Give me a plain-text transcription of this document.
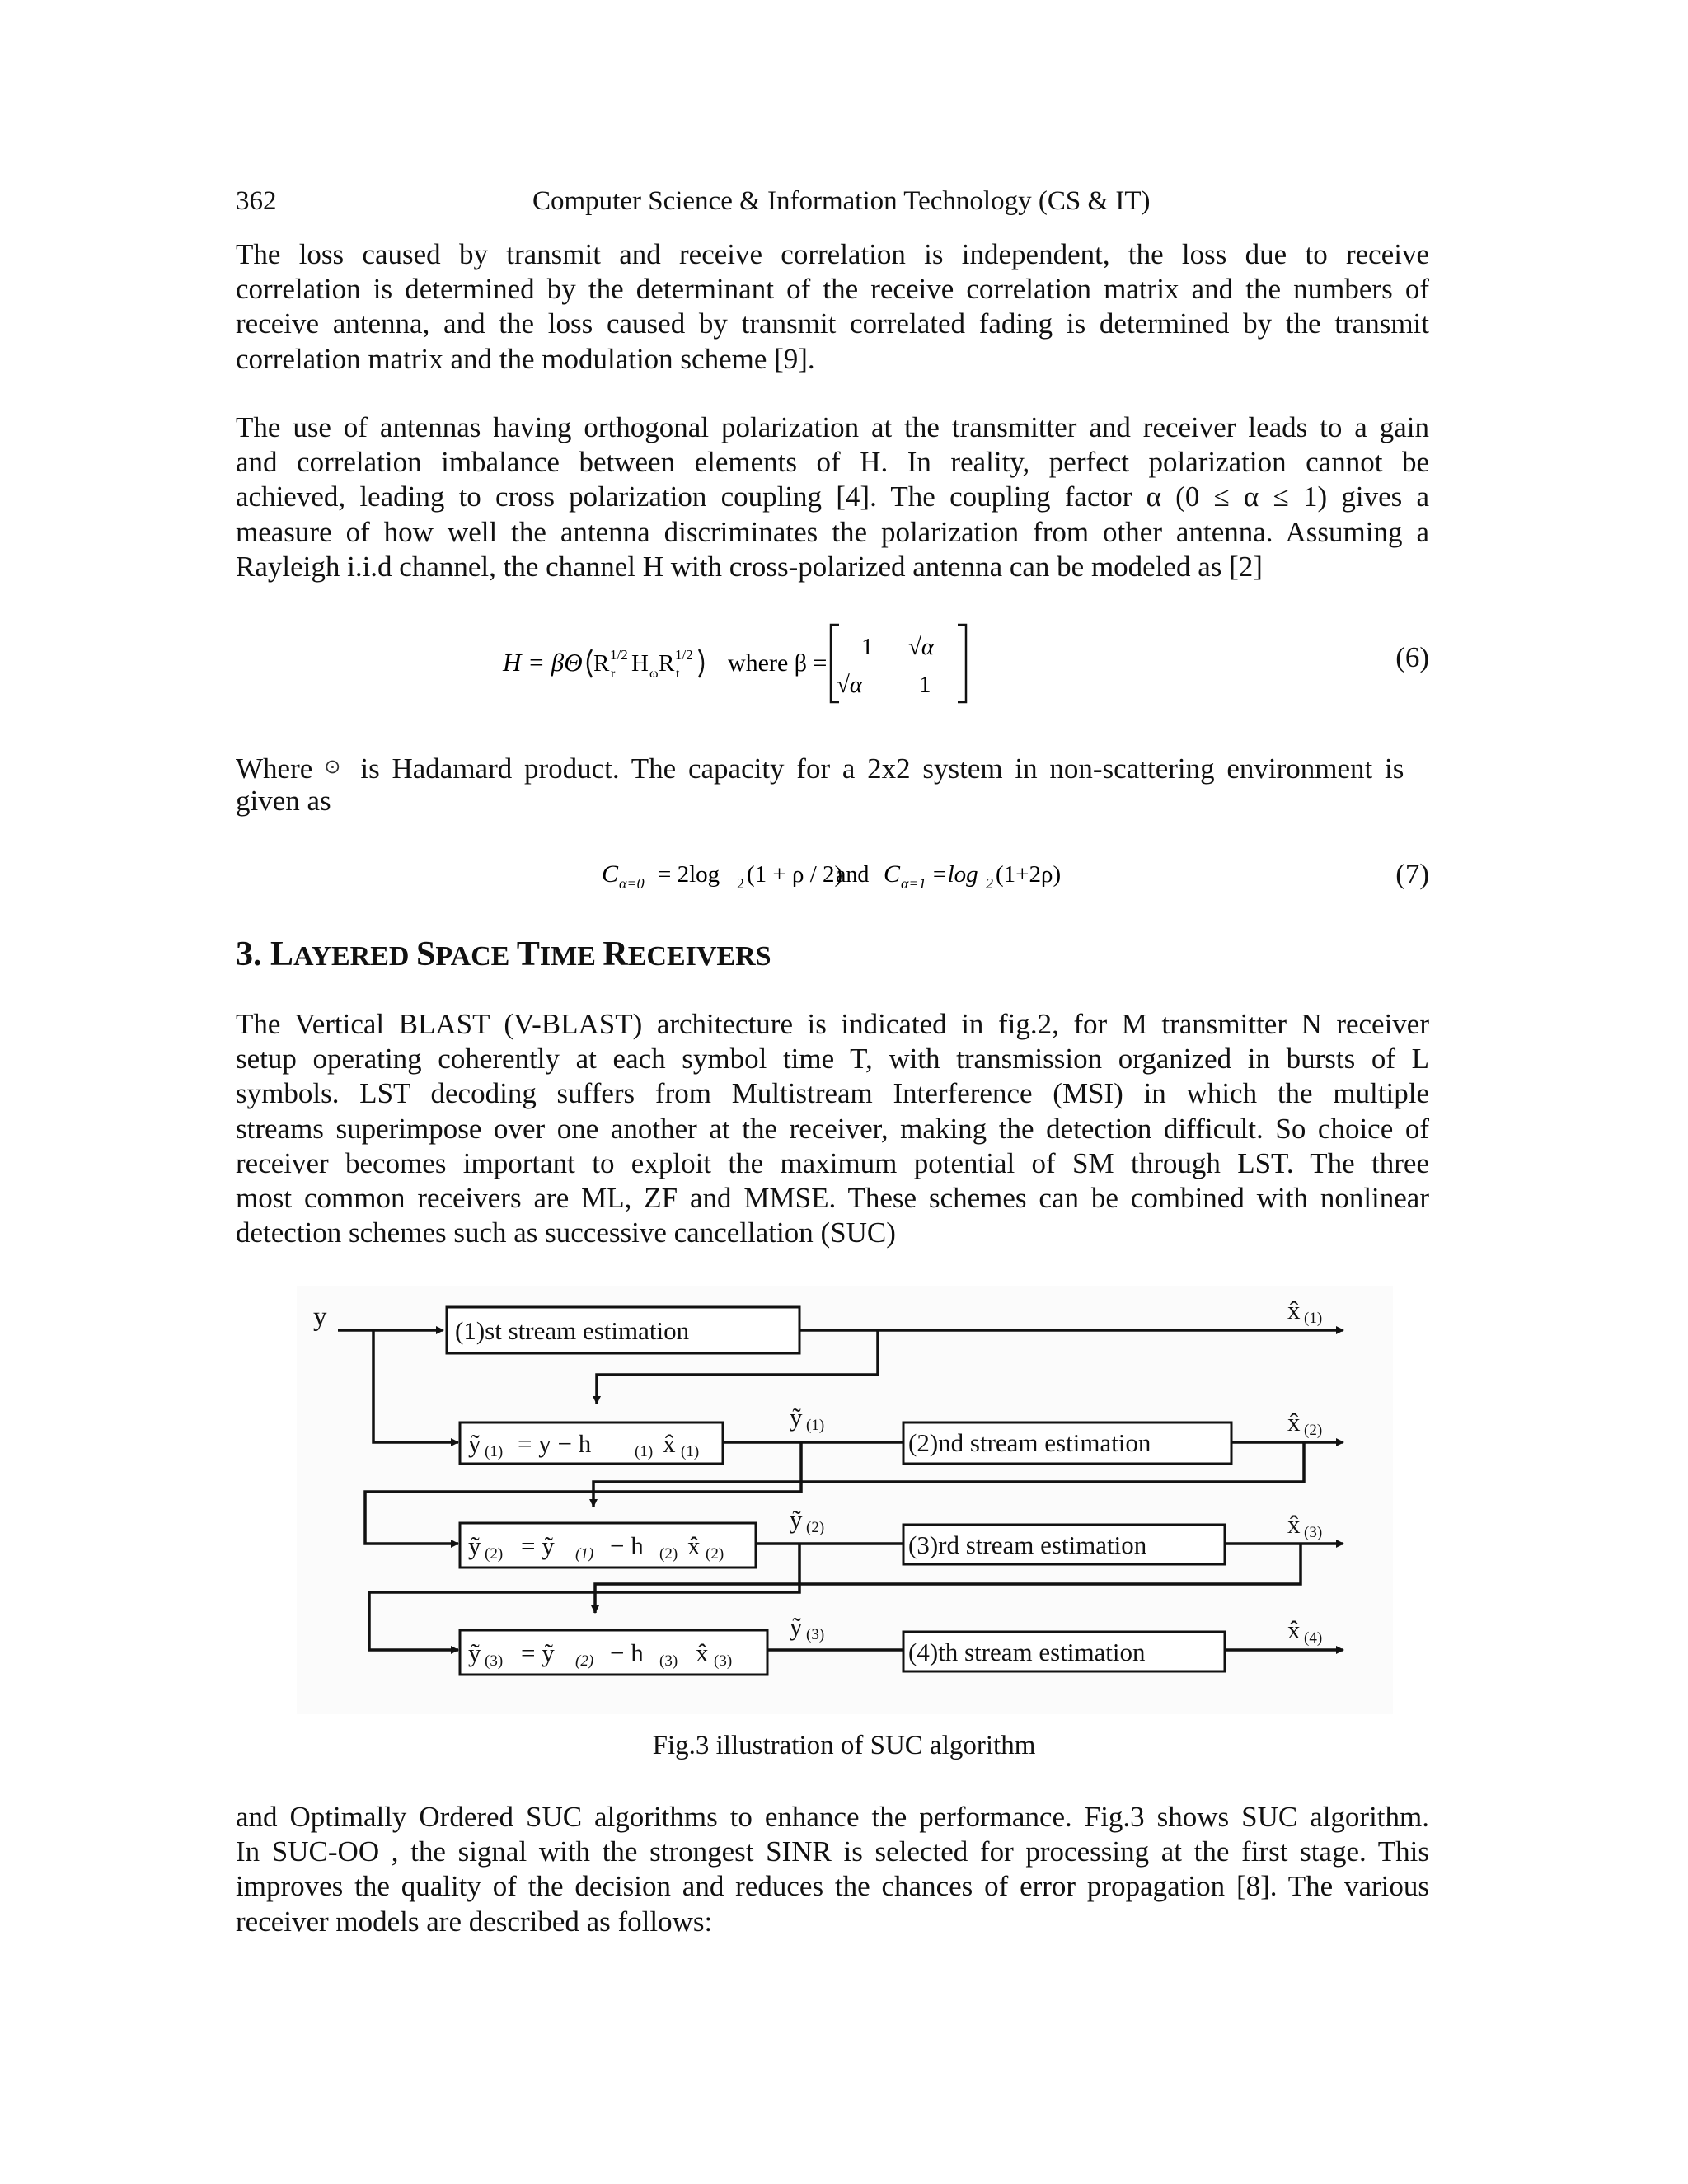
362	Computer Science & Information Technology (CS & IT)

The loss caused by transmit and receive correlation is independent, the loss due to receive
correlation is determined by the determinant of the receive correlation matrix and the numbers of
receive antenna, and the loss caused by transmit correlated fading is determined by the transmit
correlation matrix and the modulation scheme [9].

The use of antennas having orthogonal polarization at the transmitter and receiver leads to a gain
and correlation imbalance between elements of H. In reality, perfect polarization cannot be
achieved, leading to cross polarization coupling [4]. The coupling factor α (0 ≤ α ≤ 1) gives a
measure of how well the antenna discriminates the polarization from other antenna. Assuming a
Rayleigh i.i.d channel, the channel H with cross-polarized antenna can be modeled as [2]

H = βΘ R 1/2
r H ω R 1/2
t where β =
1 √α
√α 1
(6)
Where ⊙ is Hadamard product. The capacity for a 2x2 system in non-scattering environment is
given as
C α=0 = 2log 2 (1 + ρ / 2)
and C α=1 =log 2 (1+2ρ)	(7)
3. LAYERED SPACE TIME RECEIVERS

The Vertical BLAST (V-BLAST) architecture is indicated in fig.2, for M transmitter N receiver
setup operating coherently at each symbol time T, with transmission organized in bursts of L
symbols. LST decoding suffers from Multistream Interference (MSI) in which the multiple
streams superimpose over one another at the receiver, making the detection difficult. So choice of
receiver becomes important to exploit the maximum potential of SM through LST. The three
most common receivers are ML, ZF and MMSE. These schemes can be combined with nonlinear
detection schemes such as successive cancellation (SUC)

y	(1)st stream estimation
(2)nd stream estimation
(3)rd stream estimation
(4)th stream estimation
ỹ (1) = y − h	(1) x̂ (1)
ỹ (2) = ỹ (1) − h (2) x̂ (2)
ỹ (3) = ỹ (2) − h (3) x̂ (3)
ỹ (1)
ỹ (2)
ỹ (3)
x̂ (1)
x̂ (2)
x̂ (3)
x̂ (4)
Fig.3 illustration of SUC algorithm

and Optimally Ordered SUC algorithms to enhance the performance. Fig.3 shows SUC algorithm.
In SUC-OO , the signal with the strongest SINR is selected for processing at the first stage. This
improves the quality of the decision and reduces the chances of error propagation [8]. The various
receiver models are described as follows:
